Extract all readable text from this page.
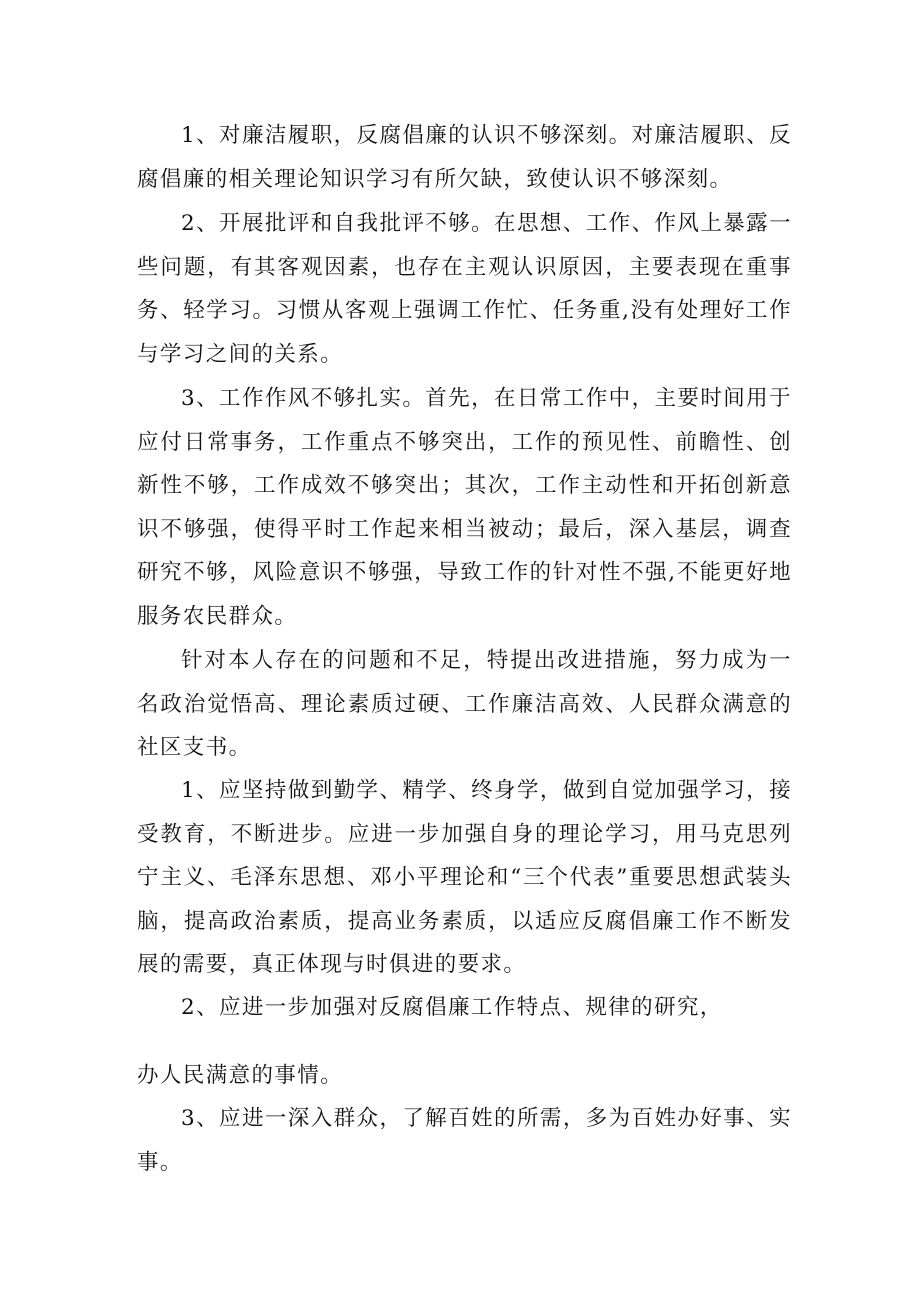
1、对廉洁履职，反腐倡廉的认识不够深刻。对廉洁履职、反腐倡廉的相关理论知识学习有所欠缺，致使认识不够深刻。

2、开展批评和自我批评不够。在思想、工作、作风上暴露一些问题，有其客观因素，也存在主观认识原因，主要表现在重事务、轻学习。习惯从客观上强调工作忙、任务重,没有处理好工作与学习之间的关系。

3、工作作风不够扎实。首先，在日常工作中，主要时间用于应付日常事务，工作重点不够突出，工作的预见性、前瞻性、创新性不够，工作成效不够突出；其次，工作主动性和开拓创新意识不够强，使得平时工作起来相当被动；最后，深入基层，调查研究不够，风险意识不够强，导致工作的针对性不强,不能更好地服务农民群众。

针对本人存在的问题和不足，特提出改进措施，努力成为一名政治觉悟高、理论素质过硬、工作廉洁高效、人民群众满意的社区支书。

1、应坚持做到勤学、精学、终身学，做到自觉加强学习，接受教育，不断进步。应进一步加强自身的理论学习，用马克思列宁主义、毛泽东思想、邓小平理论和“三个代表”重要思想武装头脑，提高政治素质，提高业务素质，以适应反腐倡廉工作不断发展的需要，真正体现与时俱进的要求。

2、应进一步加强对反腐倡廉工作特点、规律的研究，

办人民满意的事情。

3、应进一深入群众，了解百姓的所需，多为百姓办好事、实事。
